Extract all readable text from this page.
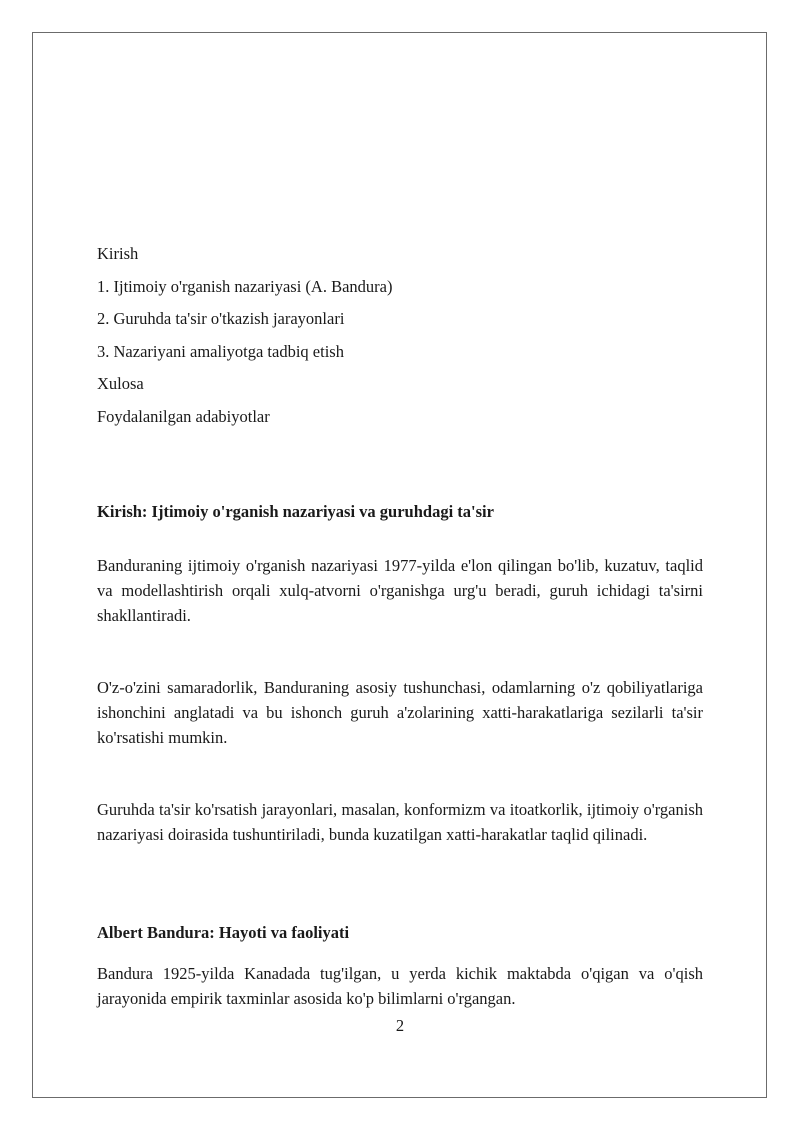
Kirish
1. Ijtimoiy o'rganish nazariyasi (A. Bandura)
2. Guruhda ta'sir o'tkazish jarayonlari
3. Nazariyani amaliyotga tadbiq etish
Xulosa
Foydalanilgan adabiyotlar
Kirish: Ijtimoiy o'rganish nazariyasi va guruhdagi ta'sir
Banduraning ijtimoiy o'rganish nazariyasi 1977-yilda e'lon qilingan bo'lib, kuzatuv, taqlid va modellashtirish orqali xulq-atvorni o'rganishga urg'u beradi, guruh ichidagi ta'sirni shakllantiradi.
O'z-o'zini samaradorlik, Banduraning asosiy tushunchasi, odamlarning o'z qobiliyatlariga ishonchini anglatadi va bu ishonch guruh a'zolarining xatti-harakatlariga sezilarli ta'sir ko'rsatishi mumkin.
Guruhda ta'sir ko'rsatish jarayonlari, masalan, konformizm va itoatkorlik, ijtimoiy o'rganish nazariyasi doirasida tushuntiriladi, bunda kuzatilgan xatti-harakatlar taqlid qilinadi.
Albert Bandura: Hayoti va faoliyati
Bandura 1925-yilda Kanadada tug'ilgan, u yerda kichik maktabda o'qigan va o'qish jarayonida empirik taxminlar asosida ko'p bilimlarni o'rgangan.
2
